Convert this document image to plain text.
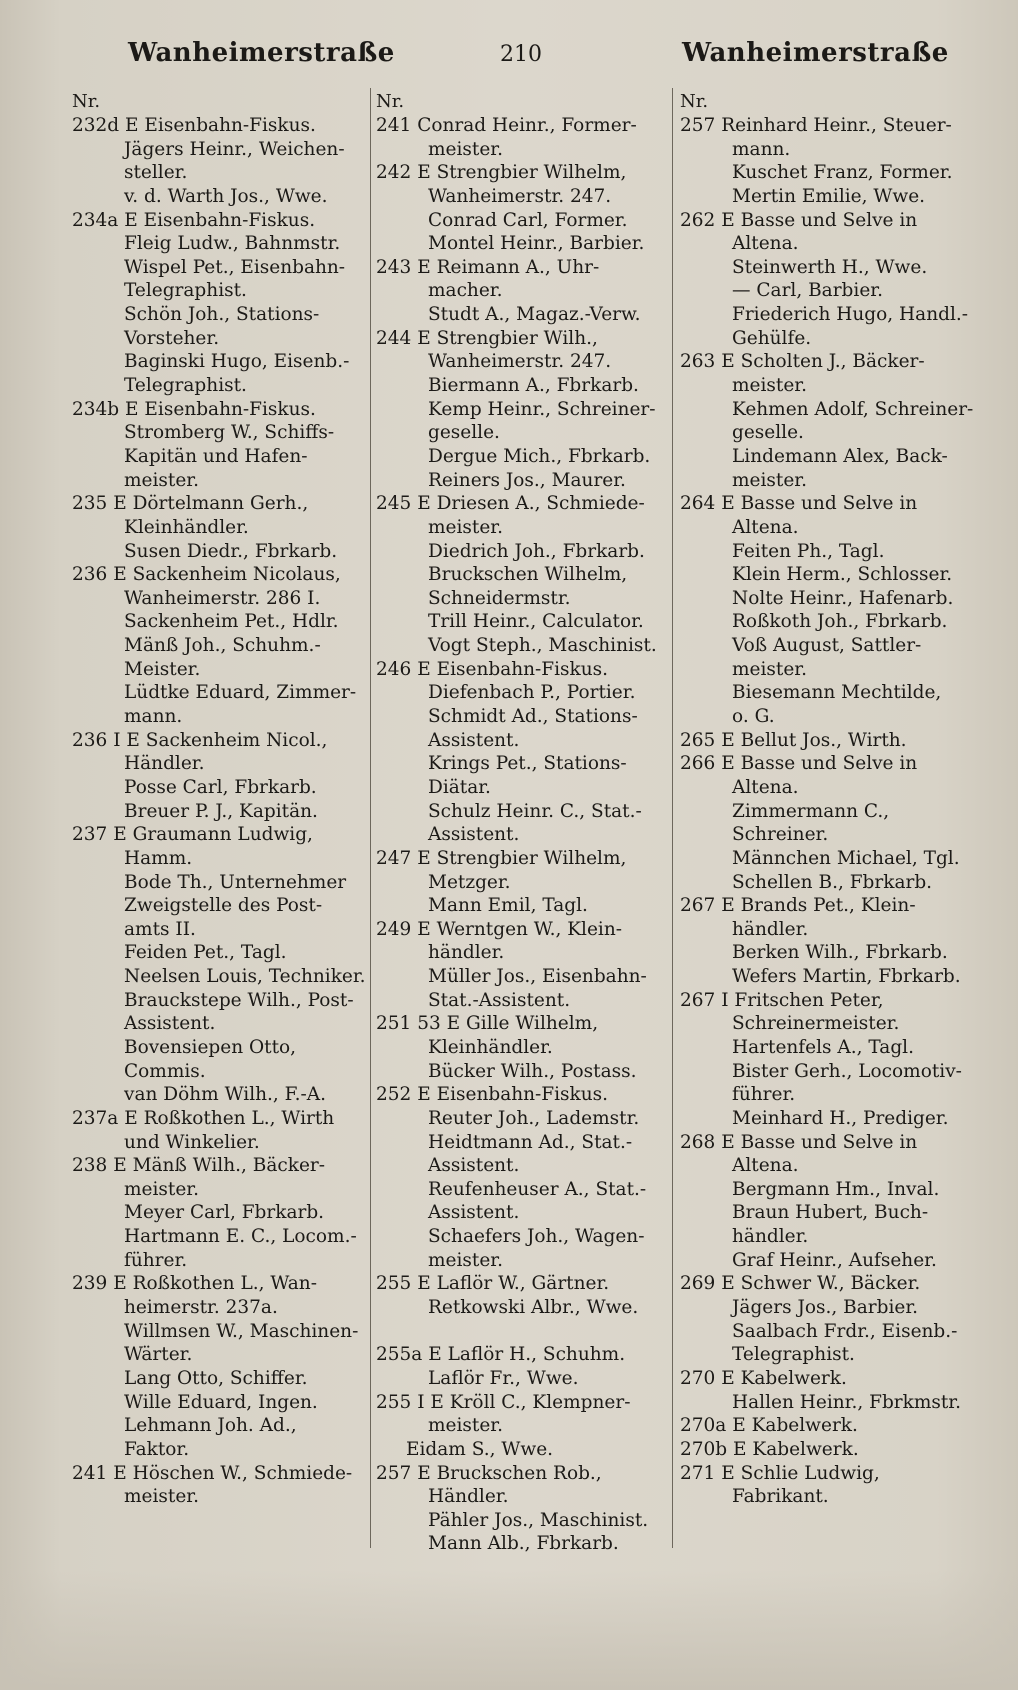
Wanheimerstraße	210	Wanheimerstraße
Nr.
232d E Eisenbahn-Fiskus.
Jägers Heinr., Weichen-
steller.
v. d. Warth Jos., Wwe.
234a E Eisenbahn-Fiskus.
Fleig Ludw., Bahnmstr.
Wispel Pet., Eisenbahn-
Telegraphist.
Schön Joh., Stations-
Vorsteher.
Baginski Hugo, Eisenb.-
Telegraphist.
234b E Eisenbahn-Fiskus.
Stromberg W., Schiffs-
Kapitän und Hafen-
meister.
235 E Dörtelmann Gerh.,
Kleinhändler.
Susen Diedr., Fbrkarb.
236 E Sackenheim Nicolaus,
Wanheimerstr. 286 I.
Sackenheim Pet., Hdlr.
Mänß Joh., Schuhm.-
Meister.
Lüdtke Eduard, Zimmer-
mann.
236 I E Sackenheim Nicol.,
Händler.
Posse Carl, Fbrkarb.
Breuer P. J., Kapitän.
237 E Graumann Ludwig,
Hamm.
Bode Th., Unternehmer
Zweigstelle des Post-
amts II.
Feiden Pet., Tagl.
Neelsen Louis, Techniker.
Brauckstepe Wilh., Post-
Assistent.
Bovensiepen Otto,
Commis.
van Döhm Wilh., F.-A.
237a E Roßkothen L., Wirth
und Winkelier.
238 E Mänß Wilh., Bäcker-
meister.
Meyer Carl, Fbrkarb.
Hartmann E. C., Locom.-
führer.
239 E Roßkothen L., Wan-
heimerstr. 237a.
Willmsen W., Maschinen-
Wärter.
Lang Otto, Schiffer.
Wille Eduard, Ingen.
Lehmann Joh. Ad.,
Faktor.
241 E Höschen W., Schmiede-
meister.
Nr.
241 Conrad Heinr., Former-
meister.
242 E Strengbier Wilhelm,
Wanheimerstr. 247.
Conrad Carl, Former.
Montel Heinr., Barbier.
243 E Reimann A., Uhr-
macher.
Studt A., Magaz.-Verw.
244 E Strengbier Wilh.,
Wanheimerstr. 247.
Biermann A., Fbrkarb.
Kemp Heinr., Schreiner-
geselle.
Dergue Mich., Fbrkarb.
Reiners Jos., Maurer.
245 E Driesen A., Schmiede-
meister.
Diedrich Joh., Fbrkarb.
Bruckschen Wilhelm,
Schneidermstr.
Trill Heinr., Calculator.
Vogt Steph., Maschinist.
246 E Eisenbahn-Fiskus.
Diefenbach P., Portier.
Schmidt Ad., Stations-
Assistent.
Krings Pet., Stations-
Diätar.
Schulz Heinr. C., Stat.-
Assistent.
247 E Strengbier Wilhelm,
Metzger.
Mann Emil, Tagl.
249 E Werntgen W., Klein-
händler.
Müller Jos., Eisenbahn-
Stat.-Assistent.
251 53 E Gille Wilhelm,
Kleinhändler.
Bücker Wilh., Postass.
252 E Eisenbahn-Fiskus.
Reuter Joh., Lademstr.
Heidtmann Ad., Stat.-
Assistent.
Reufenheuser A., Stat.-
Assistent.
Schaefers Joh., Wagen-
meister.
255 E Laflör W., Gärtner.
Retkowski Albr., Wwe.
255a E Laflör H., Schuhm.
Laflör Fr., Wwe.
255 I E Kröll C., Klempner-
meister.
Eidam S., Wwe.
257 E Bruckschen Rob.,
Händler.
Pähler Jos., Maschinist.
Mann Alb., Fbrkarb.
Nr.
257 Reinhard Heinr., Steuer-
mann.
Kuschet Franz, Former.
Mertin Emilie, Wwe.
262 E Basse und Selve in
Altena.
Steinwerth H., Wwe.
— Carl, Barbier.
Friederich Hugo, Handl.-
Gehülfe.
263 E Scholten J., Bäcker-
meister.
Kehmen Adolf, Schreiner-
geselle.
Lindemann Alex, Back-
meister.
264 E Basse und Selve in
Altena.
Feiten Ph., Tagl.
Klein Herm., Schlosser.
Nolte Heinr., Hafenarb.
Roßkoth Joh., Fbrkarb.
Voß August, Sattler-
meister.
Biesemann Mechtilde,
o. G.
265 E Bellut Jos., Wirth.
266 E Basse und Selve in
Altena.
Zimmermann C.,
Schreiner.
Männchen Michael, Tgl.
Schellen B., Fbrkarb.
267 E Brands Pet., Klein-
händler.
Berken Wilh., Fbrkarb.
Wefers Martin, Fbrkarb.
267 I Fritschen Peter,
Schreinermeister.
Hartenfels A., Tagl.
Bister Gerh., Locomotiv-
führer.
Meinhard H., Prediger.
268 E Basse und Selve in
Altena.
Bergmann Hm., Inval.
Braun Hubert, Buch-
händler.
Graf Heinr., Aufseher.
269 E Schwer W., Bäcker.
Jägers Jos., Barbier.
Saalbach Frdr., Eisenb.-
Telegraphist.
270 E Kabelwerk.
Hallen Heinr., Fbrkmstr.
270a E Kabelwerk.
270b E Kabelwerk.
271 E Schlie Ludwig,
Fabrikant.
